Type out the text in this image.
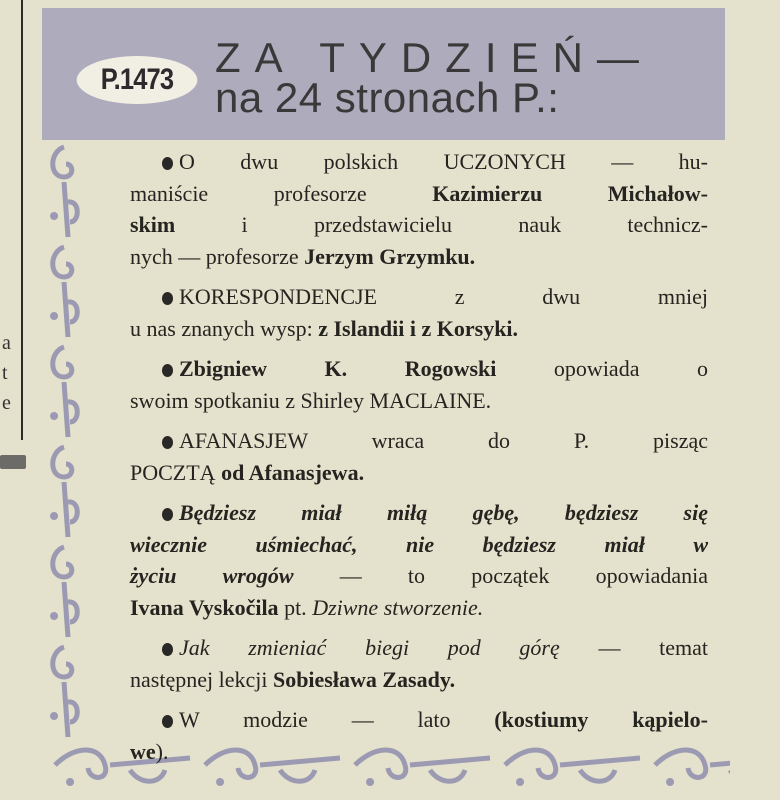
a
t
e
P.1473 ZA TYDZIEŃ—
na 24 stronach P.:
O dwu polskich UCZONYCH — hu-
maniście profesorze Kazimierzu Michałow-
skim i przedstawicielu nauk technicz-
nych — profesorze Jerzym Grzymku.
KORESPONDENCJE z dwu mniej
u nas znanych wysp: z Islandii i z Korsyki.
Zbigniew K. Rogowski opowiada o
swoim spotkaniu z Shirley MACLAINE.
AFANASJEW wraca do P. pisząc
POCZTĄ od Afanasjewa.
Będziesz miał miłą gębę, będziesz się
wiecznie uśmiechać, nie będziesz miał w
życiu wrogów — to początek opowiadania
Ivana Vyskočila pt. Dziwne stworzenie.
Jak zmieniać biegi pod górę — temat
następnej lekcji Sobiesława Zasady.
W modzie — lato (kostiumy kąpielo-
we).
